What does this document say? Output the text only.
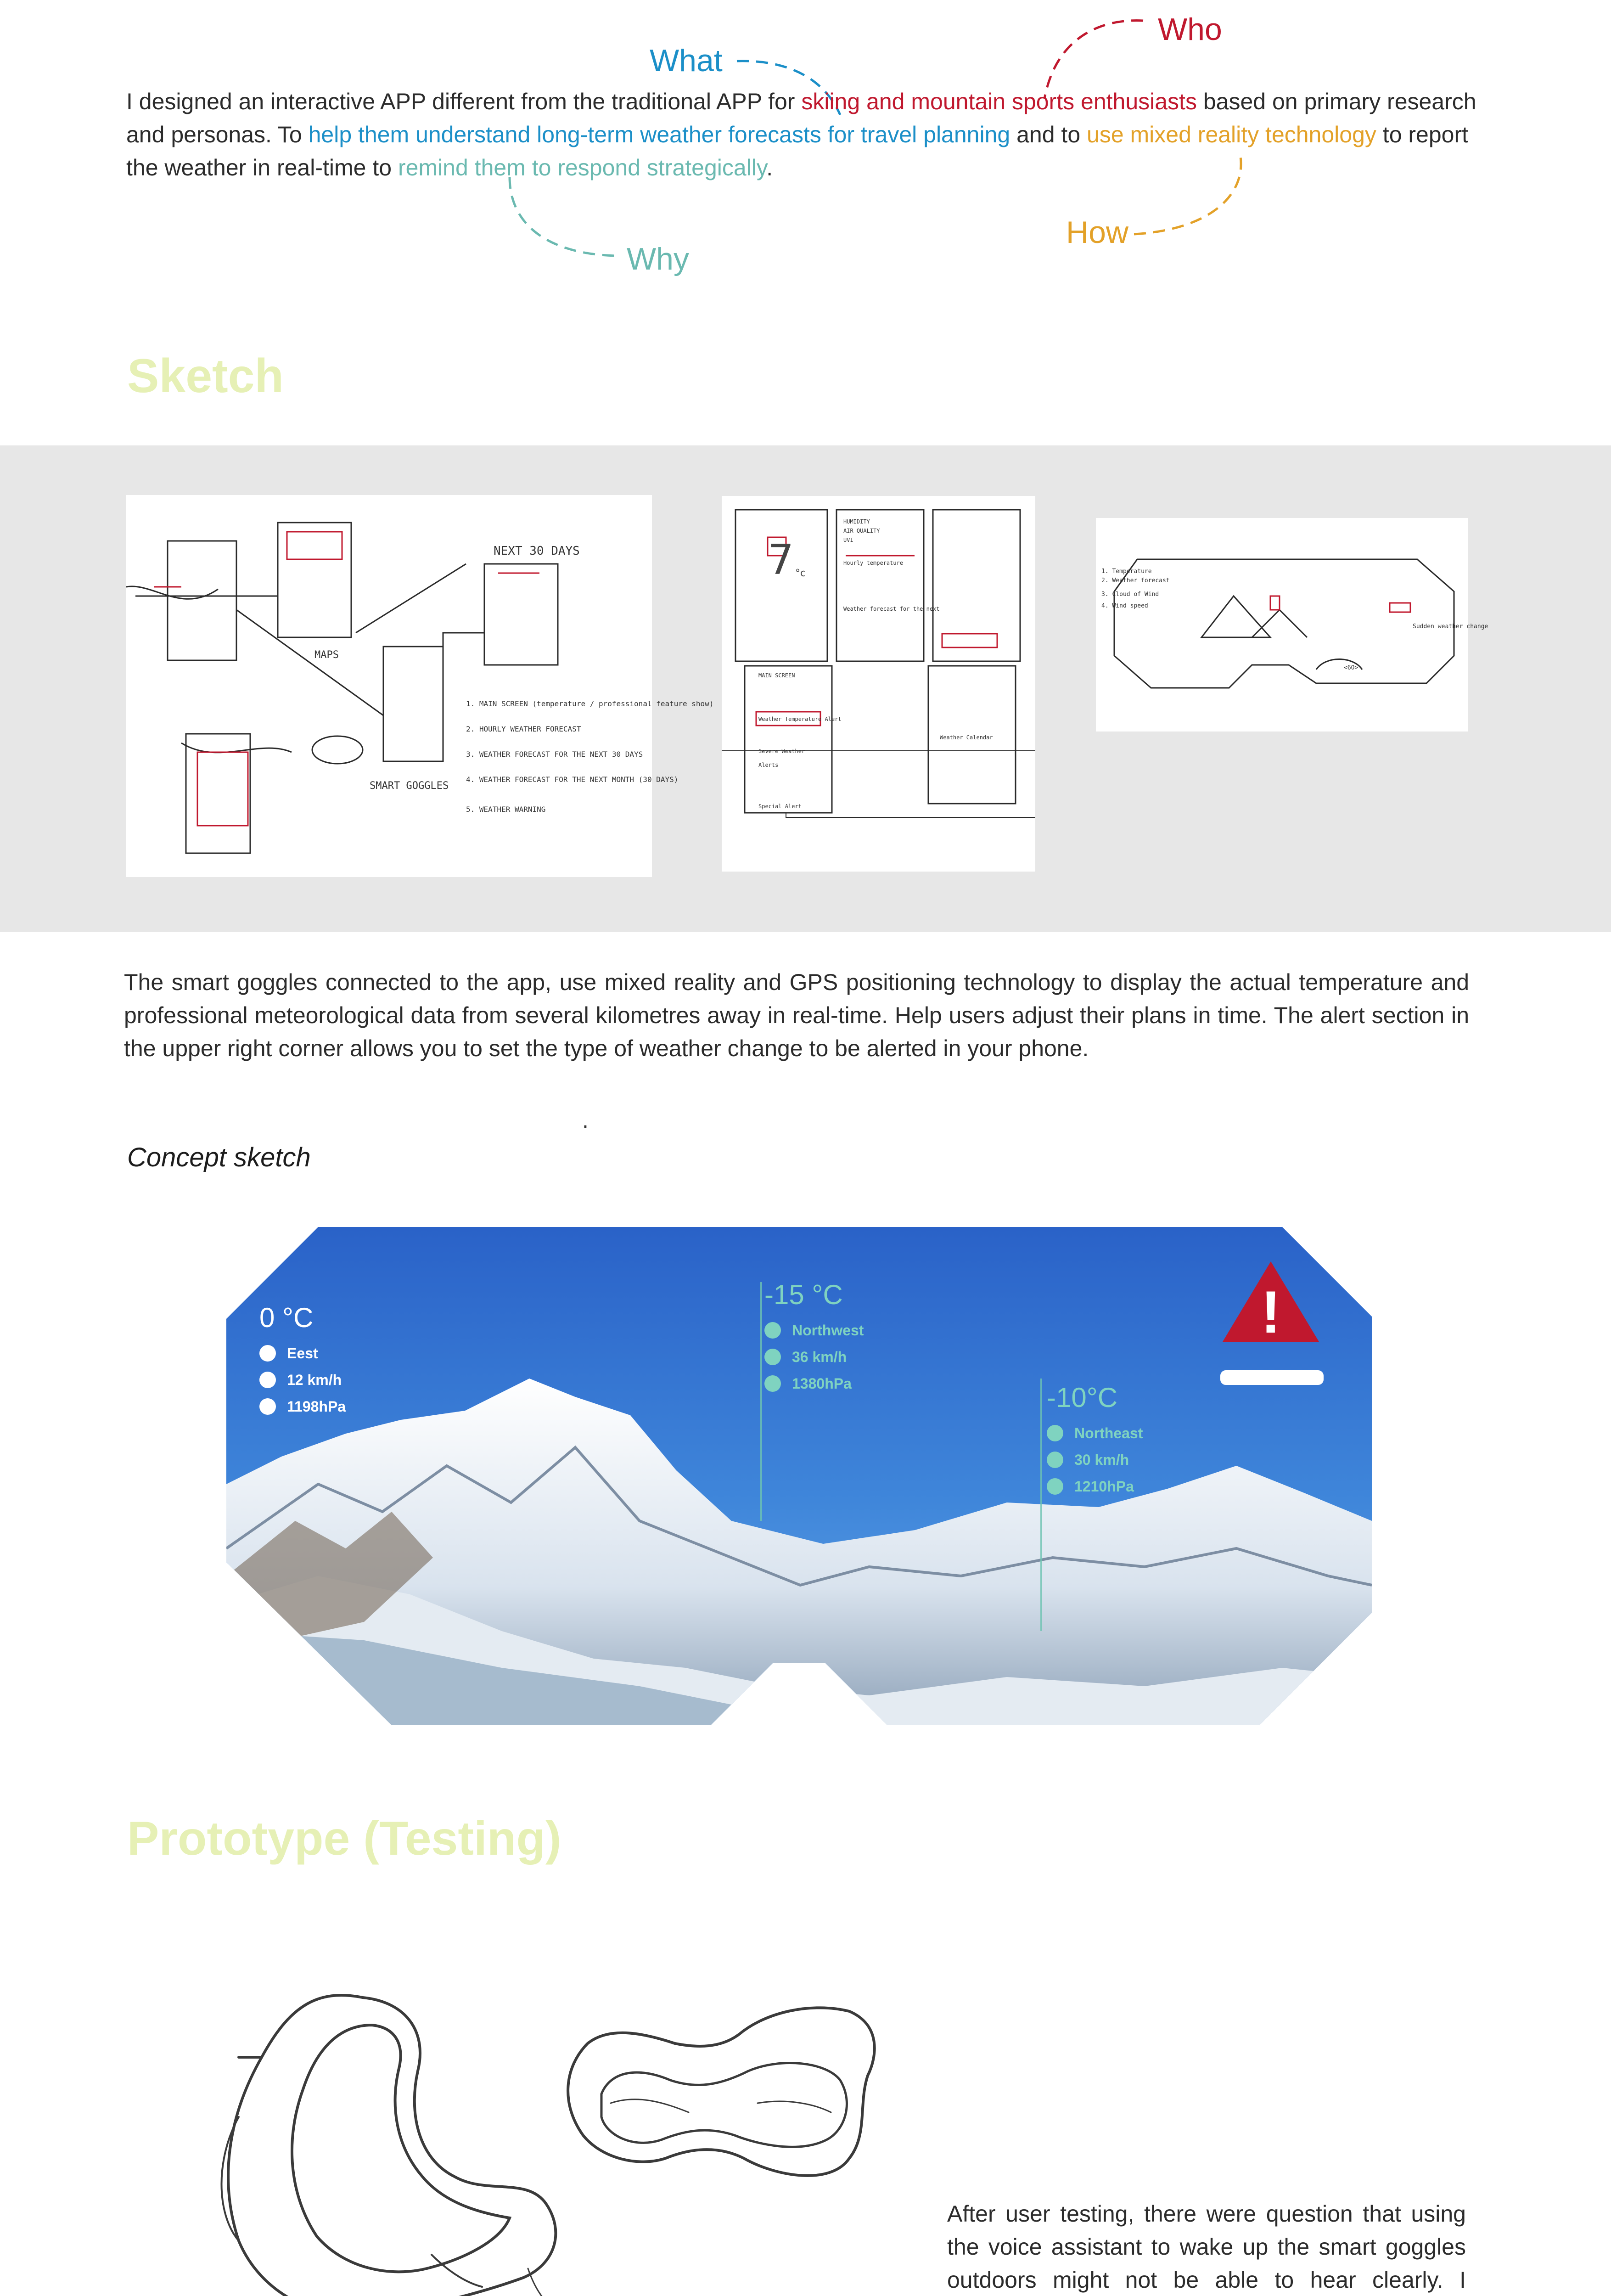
Who
What
How
Why

I designed an interactive APP different from the traditional APP for skiing and mountain sports enthusiasts based on primary research and personas. To help them understand long-term weather forecasts for travel planning and to use mixed reality technology to report the weather in real-time to remind them to respond strategically.

Sketch
NEXT 30 DAYS
MAPS
SMART GOGGLES
1. MAIN SCREEN (temperature / professional feature show)
2. HOURLY WEATHER FORECAST
3. WEATHER FORECAST FOR THE NEXT 30 DAYS
4. WEATHER FORECAST FOR THE NEXT MONTH (30 DAYS)
5. WEATHER WARNING
7 °c
HUMIDITY
AIR QUALITY
UVI
Hourly temperature
Weather forecast for the next
MAIN SCREEN
Weather Temperature Alert
Severe Weather
Alerts
Special Alert
Weather Calendar
1. Temperature
2. Weather forecast
3. Cloud of Wind
4. Wind speed
Sudden weather change
<6O>

The smart goggles connected to the app, use mixed reality and GPS positioning technology to display the actual temperature and professional meteorological data from several kilometres away in real-time. Help users adjust their plans in time. The alert section in the upper right corner allows you to set the type of weather change to be alerted in your phone.

.
Concept sketch
!
0 °C
Eest
12 km/h
1198hPa
-15 °C
Northwest
36 km/h
1380hPa	-10°C
Northeast
30 km/h
1210hPa
Prototype (Testing)

After user testing, there were question that using the voice assistant to wake up the smart goggles outdoors might not be able to hear clearly. I
